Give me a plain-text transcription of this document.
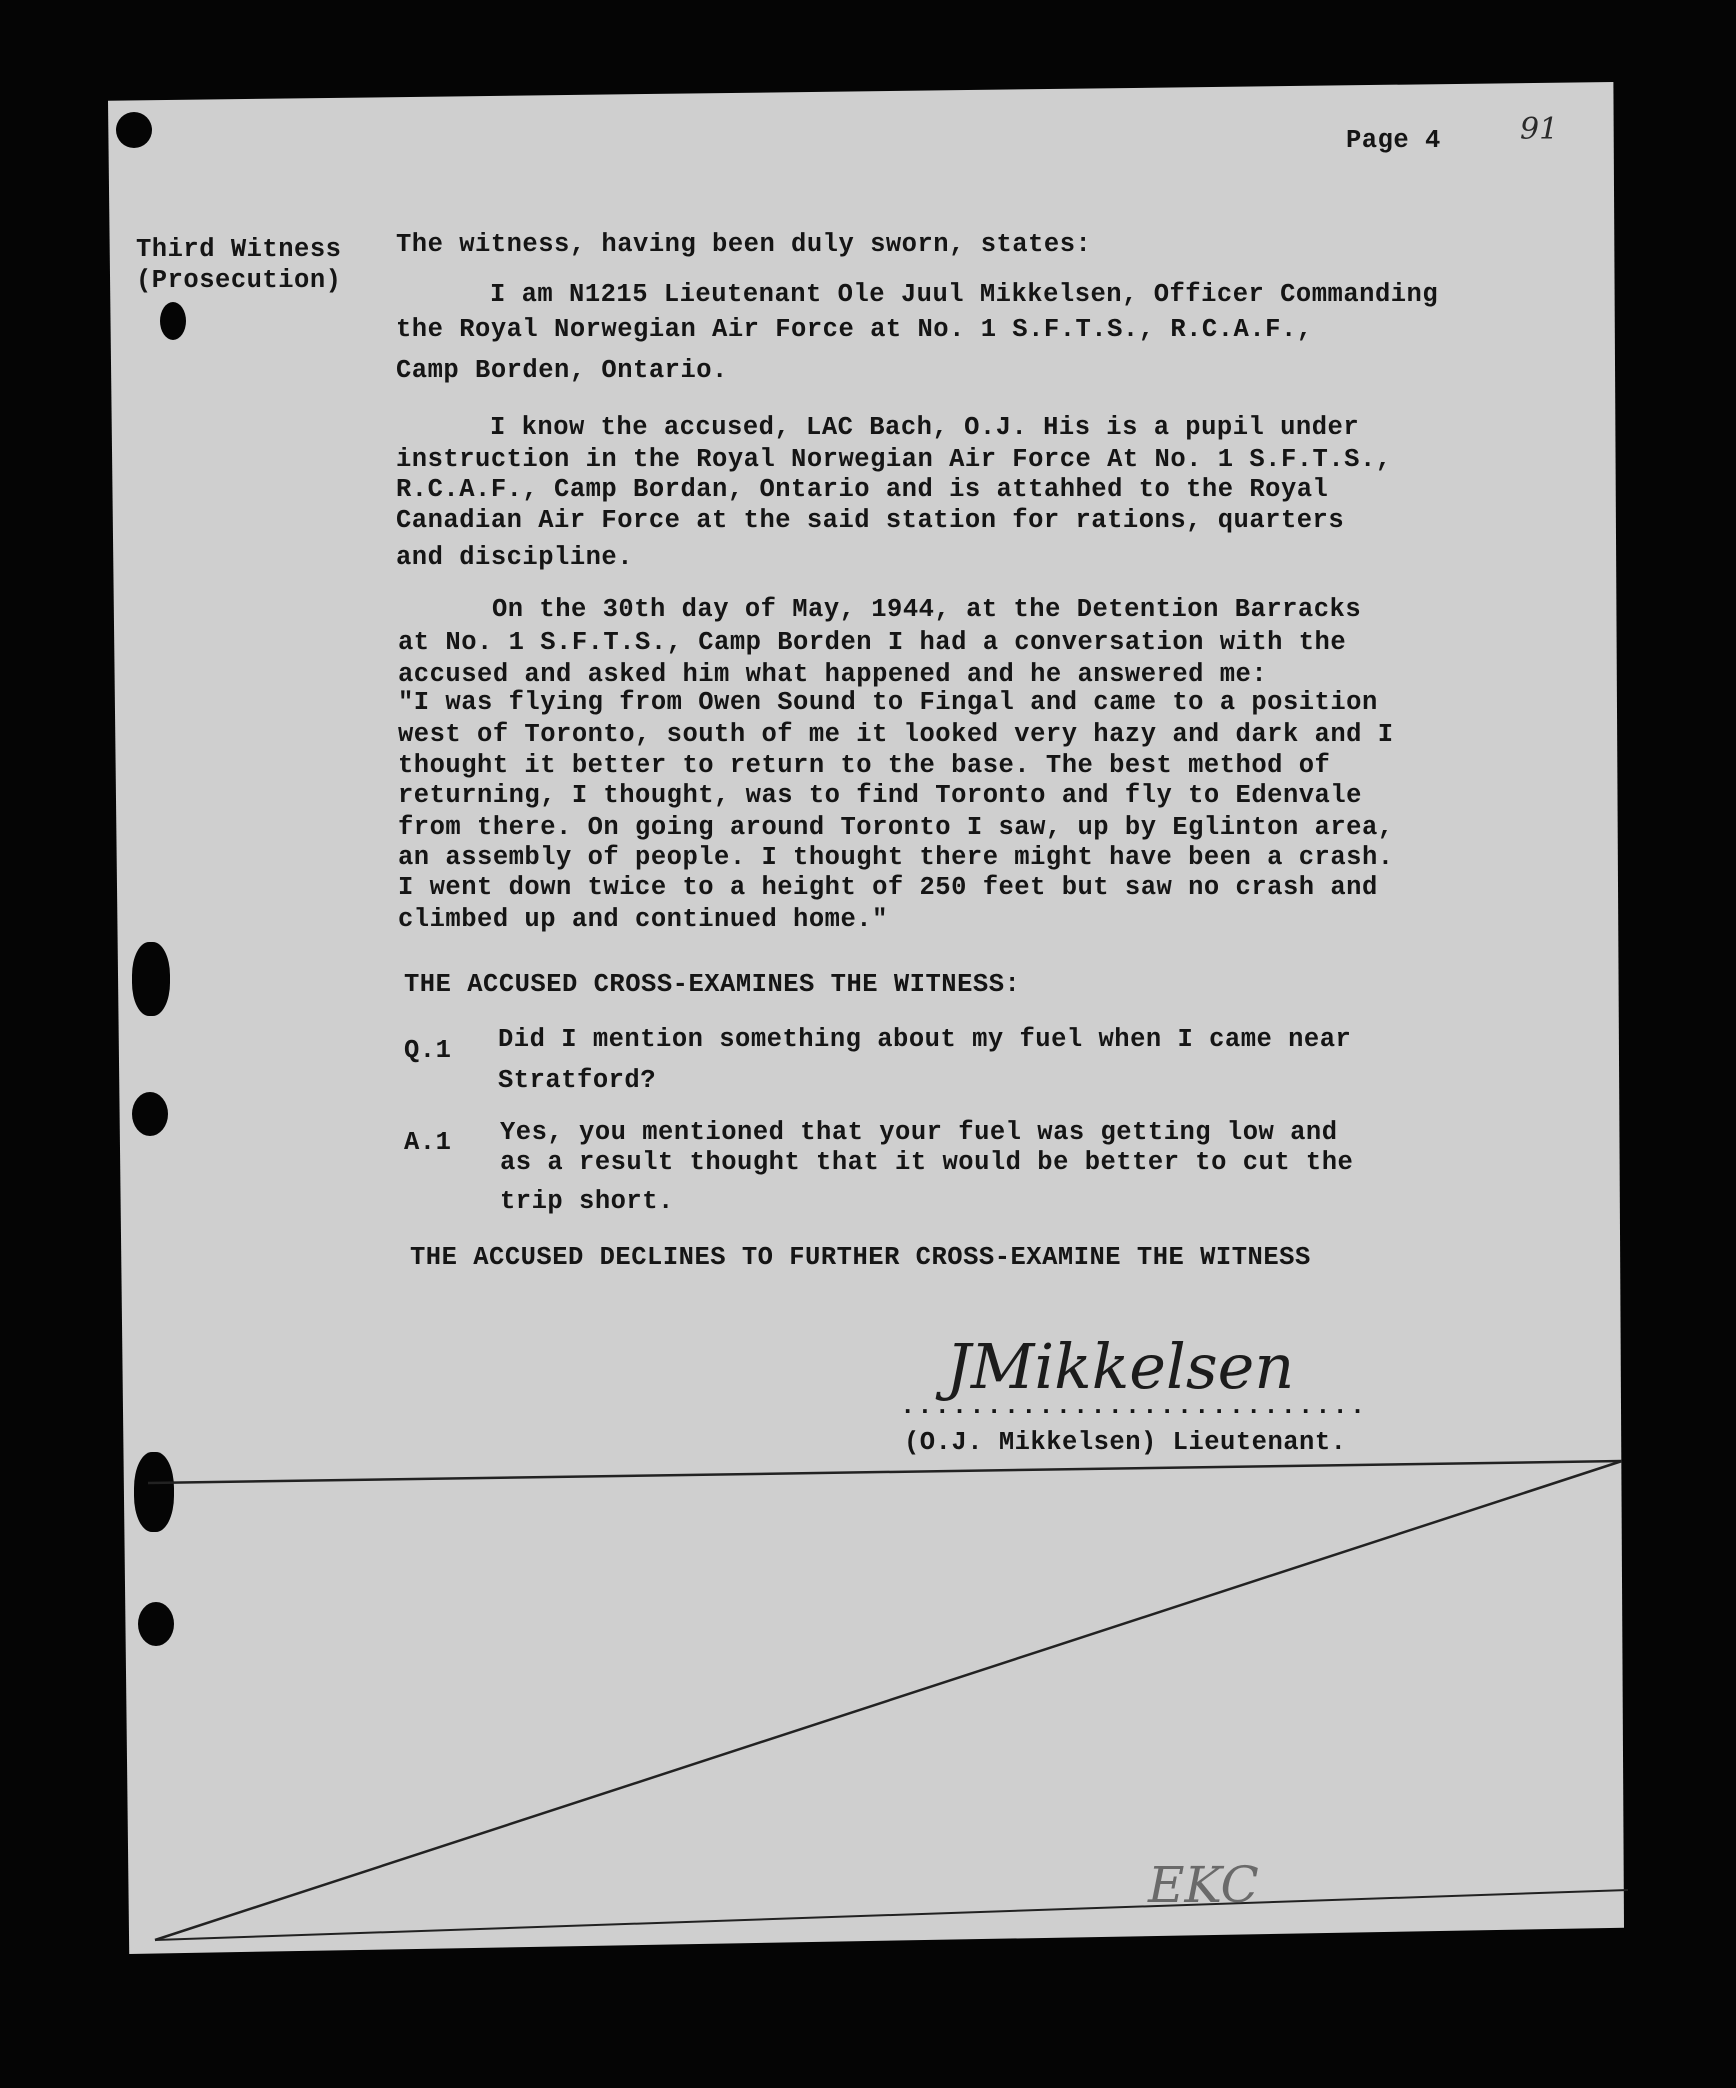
Page 4	91
Third Witness
(Prosecution)
The witness, having been duly sworn, states:
I am N1215 Lieutenant Ole Juul Mikkelsen, Officer Commanding
the Royal Norwegian Air Force at No. 1 S.F.T.S., R.C.A.F.,
Camp Borden, Ontario.
I know the accused, LAC Bach, O.J. His is a pupil under
instruction in the Royal Norwegian Air Force At No. 1 S.F.T.S.,
R.C.A.F., Camp Bordan, Ontario and is attahhed to the Royal
Canadian Air Force at the said station for rations, quarters
and discipline.
On the 30th day of May, 1944, at the Detention Barracks
at No. 1 S.F.T.S., Camp Borden I had a conversation with the
accused and asked him what happened and he answered me:
"I was flying from Owen Sound to Fingal and came to a position
west of Toronto, south of me it looked very hazy and dark and I
thought it better to return to the base. The best method of
returning, I thought, was to find Toronto and fly to Edenvale
from there. On going around Toronto I saw, up by Eglinton area,
an assembly of people. I thought there might have been a crash.
I went down twice to a height of 250 feet but saw no crash and
climbed up and continued home."
THE ACCUSED CROSS-EXAMINES THE WITNESS:
Q.1 Did I mention something about my fuel when I came near
Stratford?
A.1 Yes, you mentioned that your fuel was getting low and
as a result thought that it would be better to cut the
trip short.
THE ACCUSED DECLINES TO FURTHER CROSS-EXAMINE THE WITNESS
JMikkelsen
...........................
(O.J. Mikkelsen) Lieutenant.
EKC
